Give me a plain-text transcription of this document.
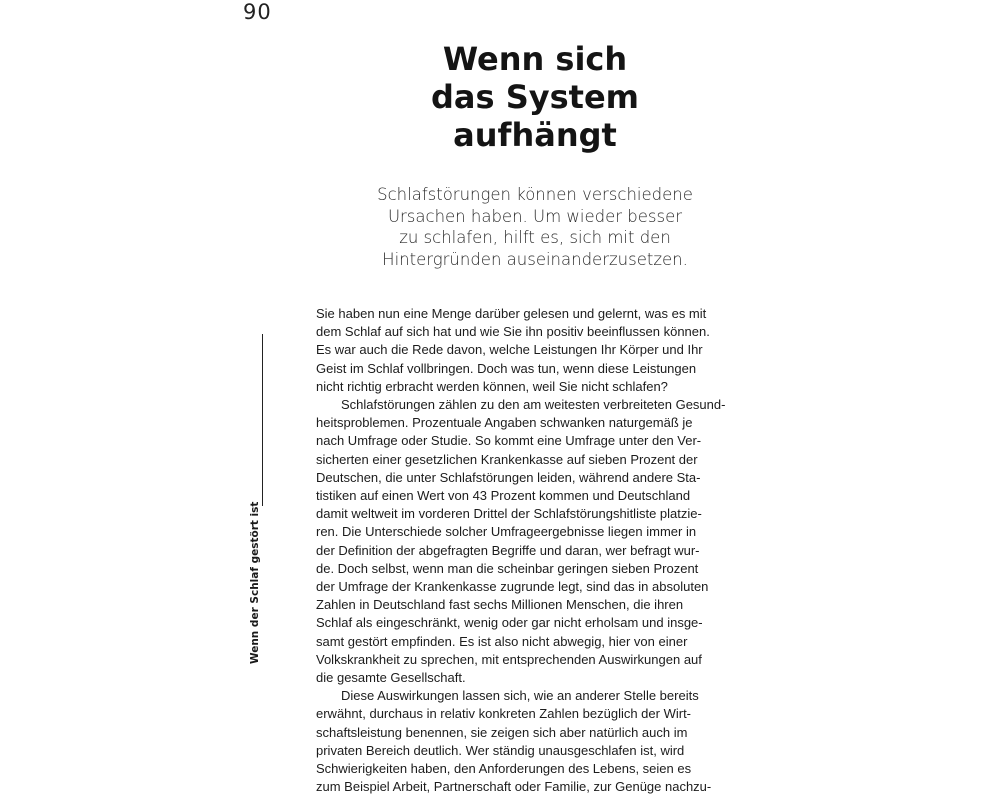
90
Wenn sich
das System
aufhängt

Schlafstörungen können verschiedene
Ursachen haben. Um wieder besser
zu schlafen, hilft es, sich mit den
Hintergründen auseinanderzusetzen.

Wenn der Schlaf gestört ist
Sie haben nun eine Menge darüber gelesen und gelernt, was es mit
dem Schlaf auf sich hat und wie Sie ihn positiv beeinflussen können.
Es war auch die Rede davon, welche Leistungen Ihr Körper und Ihr
Geist im Schlaf vollbringen. Doch was tun, wenn diese Leistungen
nicht richtig erbracht werden können, weil Sie nicht schlafen?
Schlafstörungen zählen zu den am weitesten verbreiteten Gesund-
heitsproblemen. Prozentuale Angaben schwanken naturgemäß je
nach Umfrage oder Studie. So kommt eine Umfrage unter den Ver-
sicherten einer gesetzlichen Krankenkasse auf sieben Prozent der
Deutschen, die unter Schlafstörungen leiden, während andere Sta-
tistiken auf einen Wert von 43 Prozent kommen und Deutschland
damit weltweit im vorderen Drittel der Schlafstörungshitliste platzie-
ren. Die Unterschiede solcher Umfrageergebnisse liegen immer in
der Definition der abgefragten Begriffe und daran, wer befragt wur-
de. Doch selbst, wenn man die scheinbar geringen sieben Prozent
der Umfrage der Krankenkasse zugrunde legt, sind das in absoluten
Zahlen in Deutschland fast sechs Millionen Menschen, die ihren
Schlaf als eingeschränkt, wenig oder gar nicht erholsam und insge-
samt gestört empfinden. Es ist also nicht abwegig, hier von einer
Volkskrankheit zu sprechen, mit entsprechenden Auswirkungen auf
die gesamte Gesellschaft.
Diese Auswirkungen lassen sich, wie an anderer Stelle bereits
erwähnt, durchaus in relativ konkreten Zahlen bezüglich der Wirt-
schaftsleistung benennen, sie zeigen sich aber natürlich auch im
privaten Bereich deutlich. Wer ständig unausgeschlafen ist, wird
Schwierigkeiten haben, den Anforderungen des Lebens, seien es
zum Beispiel Arbeit, Partnerschaft oder Familie, zur Genüge nachzu-
